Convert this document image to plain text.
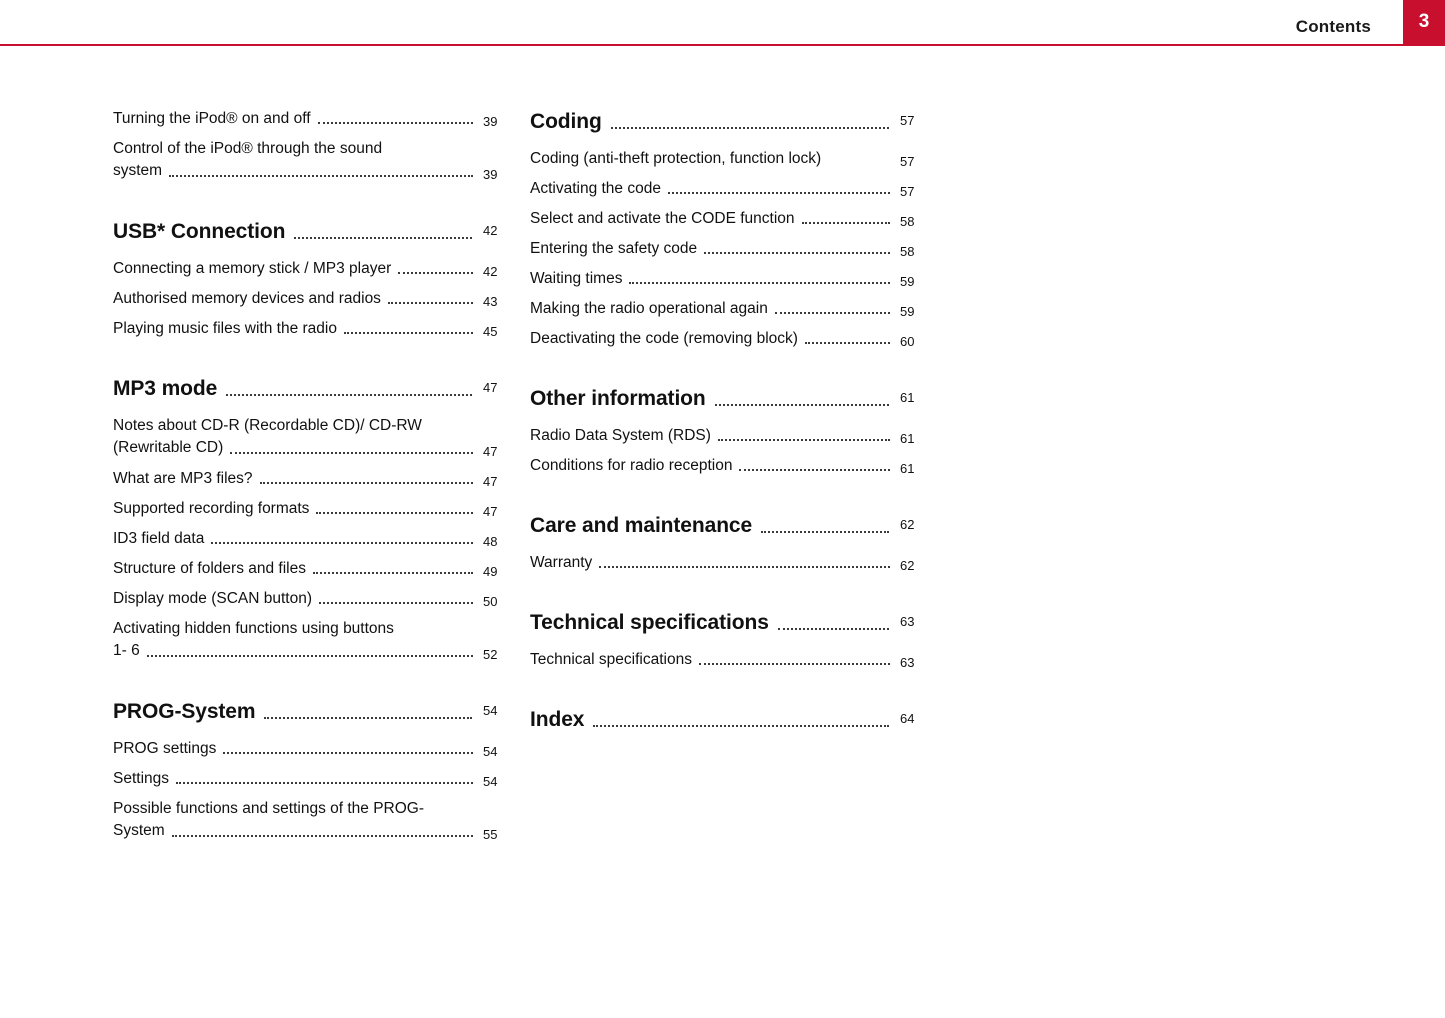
Contents	3
Turning the iPod® on and off	39
Control of the iPod® through the sound
system	39
USB* Connection	42
Connecting a memory stick / MP3 player	42
Authorised memory devices and radios	43
Playing music files with the radio	45
MP3 mode	47
Notes about CD-R (Recordable CD)/ CD-RW
(Rewritable CD)	47
What are MP3 files?	47
Supported recording formats	47
ID3 field data	48
Structure of folders and files	49
Display mode (SCAN button)	50
Activating hidden functions using buttons
1- 6	52
PROG-System	54
PROG settings	54
Settings	54
Possible functions and settings of the PROG-
System	55
Coding	57
Coding (anti-theft protection, function lock)	57
Activating the code	57
Select and activate the CODE function	58
Entering the safety code	58
Waiting times	59
Making the radio operational again	59
Deactivating the code (removing block)	60
Other information	61
Radio Data System (RDS)	61
Conditions for radio reception	61
Care and maintenance	62
Warranty	62
Technical specifications	63
Technical specifications	63
Index	64
